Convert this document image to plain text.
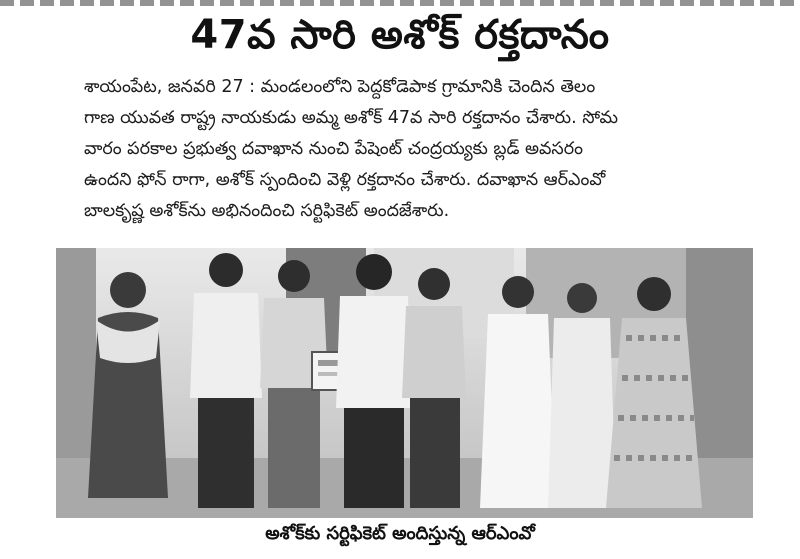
47వ సారి అశోక్ రక్తదానం
శాయంపేట, జనవరి 27 : మండలంలోని పెద్దకోడెపాక గ్రామానికి చెందిన తెలం
గాణ యువత రాష్ట్ర నాయకుడు అమ్మ అశోక్ 47వ సారి రక్తదానం చేశారు. సోమ
వారం పరకాల ప్రభుత్వ దవాఖాన నుంచి పేషెంట్ చంద్రయ్యకు బ్లడ్ అవసరం
ఉందని ఫోన్ రాగా, అశోక్ స్పందించి వెళ్లి రక్తదానం చేశారు. దవాఖాన ఆర్ఎంవో
బాలకృష్ణ అశోక్‌ను అభినందించి సర్టిఫికెట్ అందజేశారు.
అశోక్‌కు సర్టిఫికెట్ అందిస్తున్న ఆర్ఎంవో
